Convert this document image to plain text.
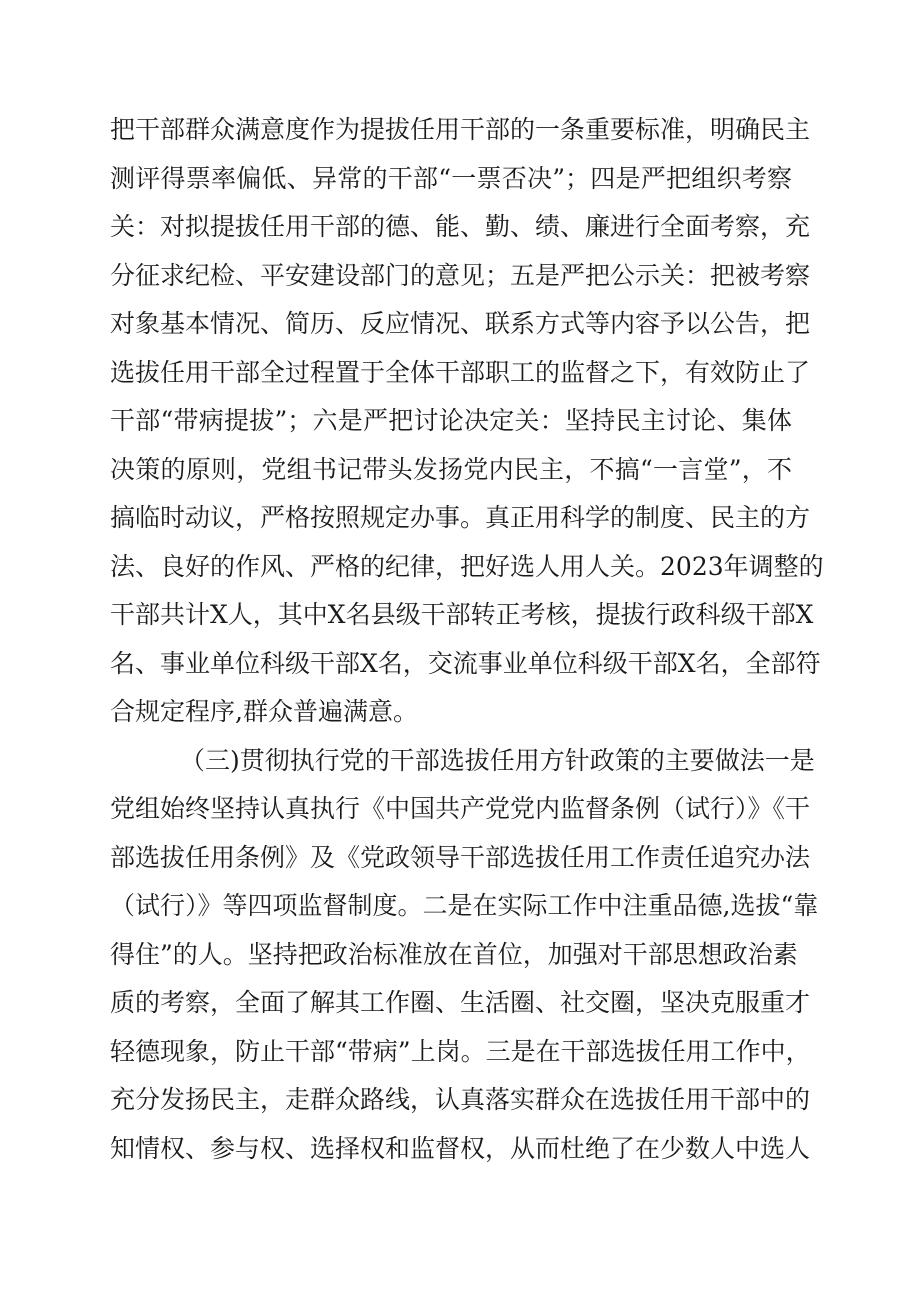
把干部群众满意度作为提拔任用干部的一条重要标准，明确民主
测评得票率偏低、异常的干部“一票否决”；四是严把组织考察
关：对拟提拔任用干部的德、能、勤、绩、廉进行全面考察，充
分征求纪检、平安建设部门的意见；五是严把公示关：把被考察
对象基本情况、简历、反应情况、联系方式等内容予以公告，把
选拔任用干部全过程置于全体干部职工的监督之下，有效防止了
干部“带病提拔”；六是严把讨论决定关：坚持民主讨论、集体
决策的原则，党组书记带头发扬党内民主，不搞“一言堂”，不
搞临时动议，严格按照规定办事。真正用科学的制度、民主的方
法、良好的作风、严格的纪律，把好选人用人关。2023年调整的
干部共计X人，其中X名县级干部转正考核，提拔行政科级干部X
名、事业单位科级干部X名，交流事业单位科级干部X名，全部符
合规定程序,群众普遍满意。
（三)贯彻执行党的干部选拔任用方针政策的主要做法一是
党组始终坚持认真执行《中国共产党党内监督条例（试行）》《干
部选拔任用条例》及《党政领导干部选拔任用工作责任追究办法
（试行）》等四项监督制度。二是在实际工作中注重品德,选拔“靠
得住”的人。坚持把政治标准放在首位，加强对干部思想政治素
质的考察，全面了解其工作圈、生活圈、社交圈，坚决克服重才
轻德现象，防止干部“带病”上岗。三是在干部选拔任用工作中，
充分发扬民主，走群众路线，认真落实群众在选拔任用干部中的
知情权、参与权、选择权和监督权，从而杜绝了在少数人中选人
